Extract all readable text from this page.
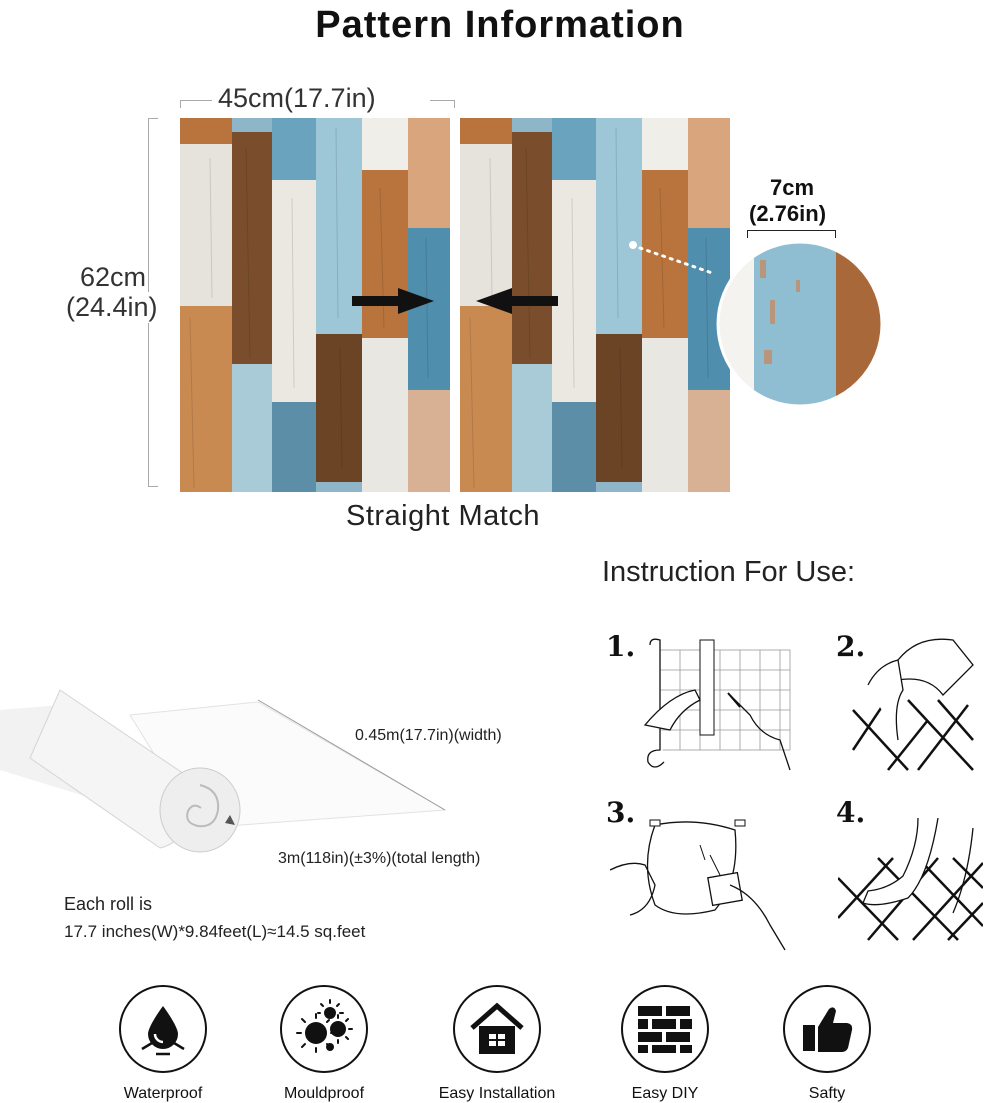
Pattern Information
45cm(17.7in)
62cm
(24.4in)
7cm
(2.76in)
Straight Match
0.45m(17.7in)(width)
3m(118in)(±3%)(total length)
Each roll is
17.7 inches(W)*9.84feet(L)≈14.5 sq.feet
Instruction For Use:
1.	2.
3.	4.
Waterproof	Mouldproof	Easy Installation	Easy DIY	Safty
